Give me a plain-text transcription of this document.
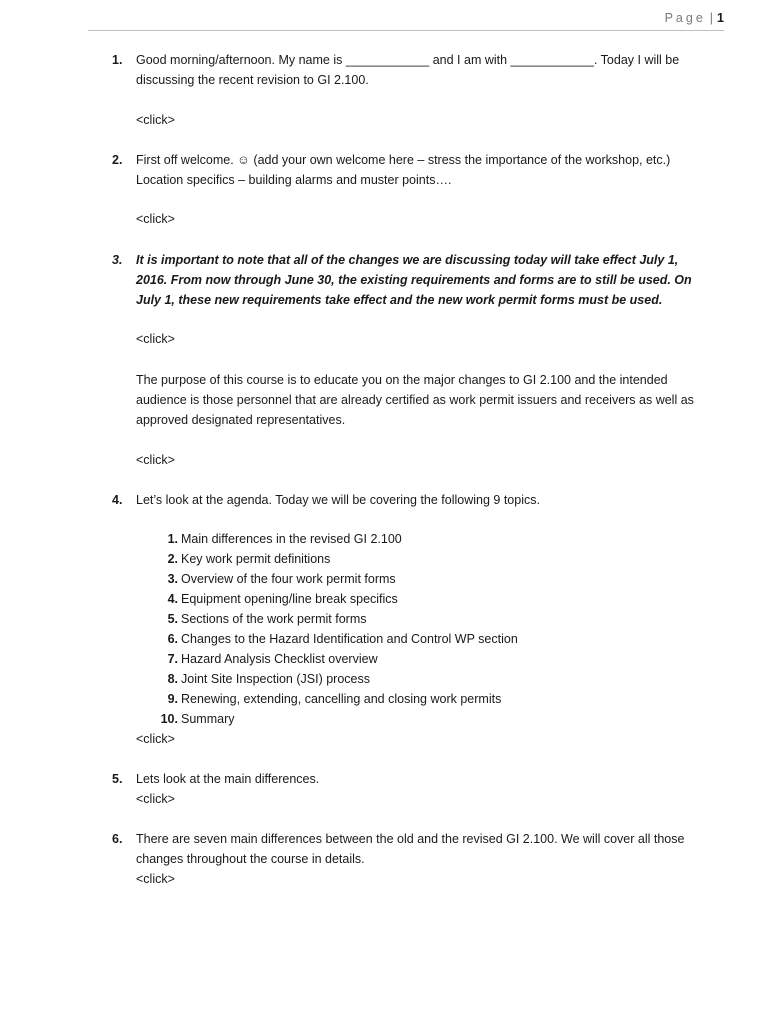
Page | 1
1. Good morning/afternoon. My name is ____________ and I am with ____________. Today I will be discussing the recent revision to GI 2.100.

<click>
2. First off welcome. ☺ (add your own welcome here – stress the importance of the workshop, etc.) Location specifics – building alarms and muster points….

<click>
3. It is important to note that all of the changes we are discussing today will take effect July 1, 2016. From now through June 30, the existing requirements and forms are to still be used. On July 1, these new requirements take effect and the new work permit forms must be used.

<click>

The purpose of this course is to educate you on the major changes to GI 2.100 and the intended audience is those personnel that are already certified as work permit issuers and receivers as well as approved designated representatives.

<click>
4. Let’s look at the agenda. Today we will be covering the following 9 topics.

1. Main differences in the revised GI 2.100
2. Key work permit definitions
3. Overview of the four work permit forms
4. Equipment opening/line break specifics
5. Sections of the work permit forms
6. Changes to the Hazard Identification and Control WP section
7. Hazard Analysis Checklist overview
8. Joint Site Inspection (JSI) process
9. Renewing, extending, cancelling and closing work permits
10. Summary
<click>
5. Lets look at the main differences.

<click>
6. There are seven main differences between the old and the revised GI 2.100. We will cover all those changes throughout the course in details.

<click>
